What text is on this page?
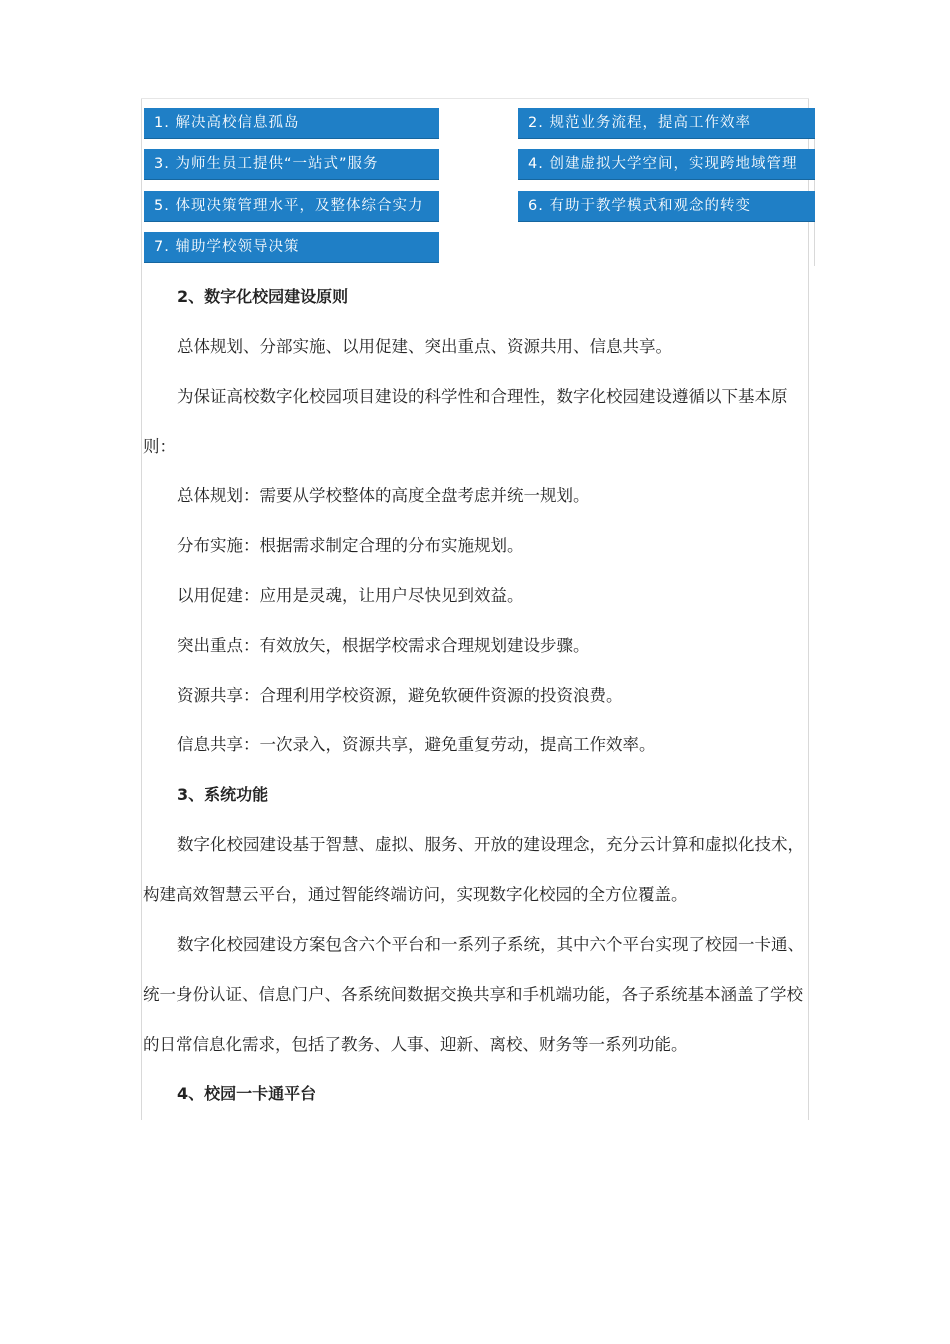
1. 解决高校信息孤岛	2. 规范业务流程，提高工作效率
3. 为师生员工提供“一站式”服务	4. 创建虚拟大学空间，实现跨地域管理
5. 体现决策管理水平，及整体综合实力	6. 有助于教学模式和观念的转变
7. 辅助学校领导决策
2、数字化校园建设原则
总体规划、分部实施、以用促建、突出重点、资源共用、信息共享。
为保证高校数字化校园项目建设的科学性和合理性，数字化校园建设遵循以下基本原
则：
总体规划：需要从学校整体的高度全盘考虑并统一规划。
分布实施：根据需求制定合理的分布实施规划。
以用促建：应用是灵魂，让用户尽快见到效益。
突出重点：有效放矢，根据学校需求合理规划建设步骤。
资源共享：合理利用学校资源，避免软硬件资源的投资浪费。
信息共享：一次录入，资源共享，避免重复劳动，提高工作效率。
3、系统功能
数字化校园建设基于智慧、虚拟、服务、开放的建设理念，充分云计算和虚拟化技术，
构建高效智慧云平台，通过智能终端访问，实现数字化校园的全方位覆盖。
数字化校园建设方案包含六个平台和一系列子系统，其中六个平台实现了校园一卡通、
统一身份认证、信息门户、各系统间数据交换共享和手机端功能，各子系统基本涵盖了学校
的日常信息化需求，包括了教务、人事、迎新、离校、财务等一系列功能。
4、校园一卡通平台
